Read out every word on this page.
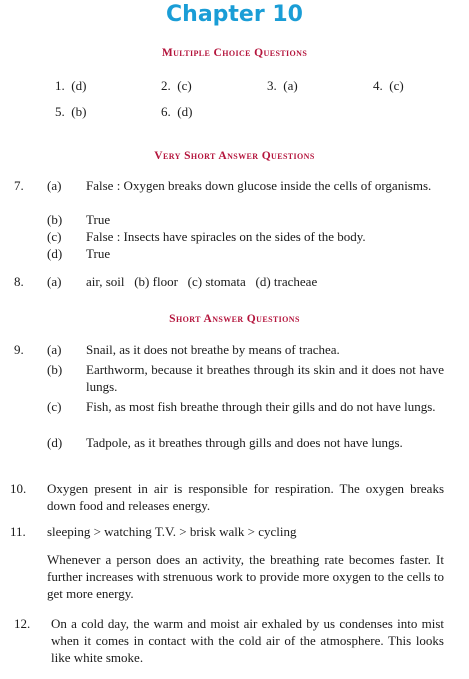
Chapter 10
Multiple Choice Questions
1. (d)	2. (c)	3. (a)	4. (c)
5. (b)	6. (d)
Very Short Answer Questions
7. (a) False : Oxygen breaks down glucose inside the cells of organisms.
(b) True
(c) False : Insects have spiracles on the sides of the body.
(d) True
8. (a) air, soil   (b) floor   (c) stomata   (d) tracheae
Short Answer Questions
9. (a) Snail, as it does not breathe by means of trachea.
(b) Earthworm, because it breathes through its skin and it does not have lungs.
(c) Fish, as most fish breathe through their gills and do not have lungs.
(d) Tadpole, as it breathes through gills and does not have lungs.
10. Oxygen present in air is responsible for respiration. The oxygen breaks down food and releases energy.
11. sleeping > watching T.V. > brisk walk > cycling
Whenever a person does an activity, the breathing rate becomes faster. It further increases with strenuous work to provide more oxygen to the cells to get more energy.
12. On a cold day, the warm and moist air exhaled by us condenses into mist when it comes in contact with the cold air of the atmosphere. This looks like white smoke.
